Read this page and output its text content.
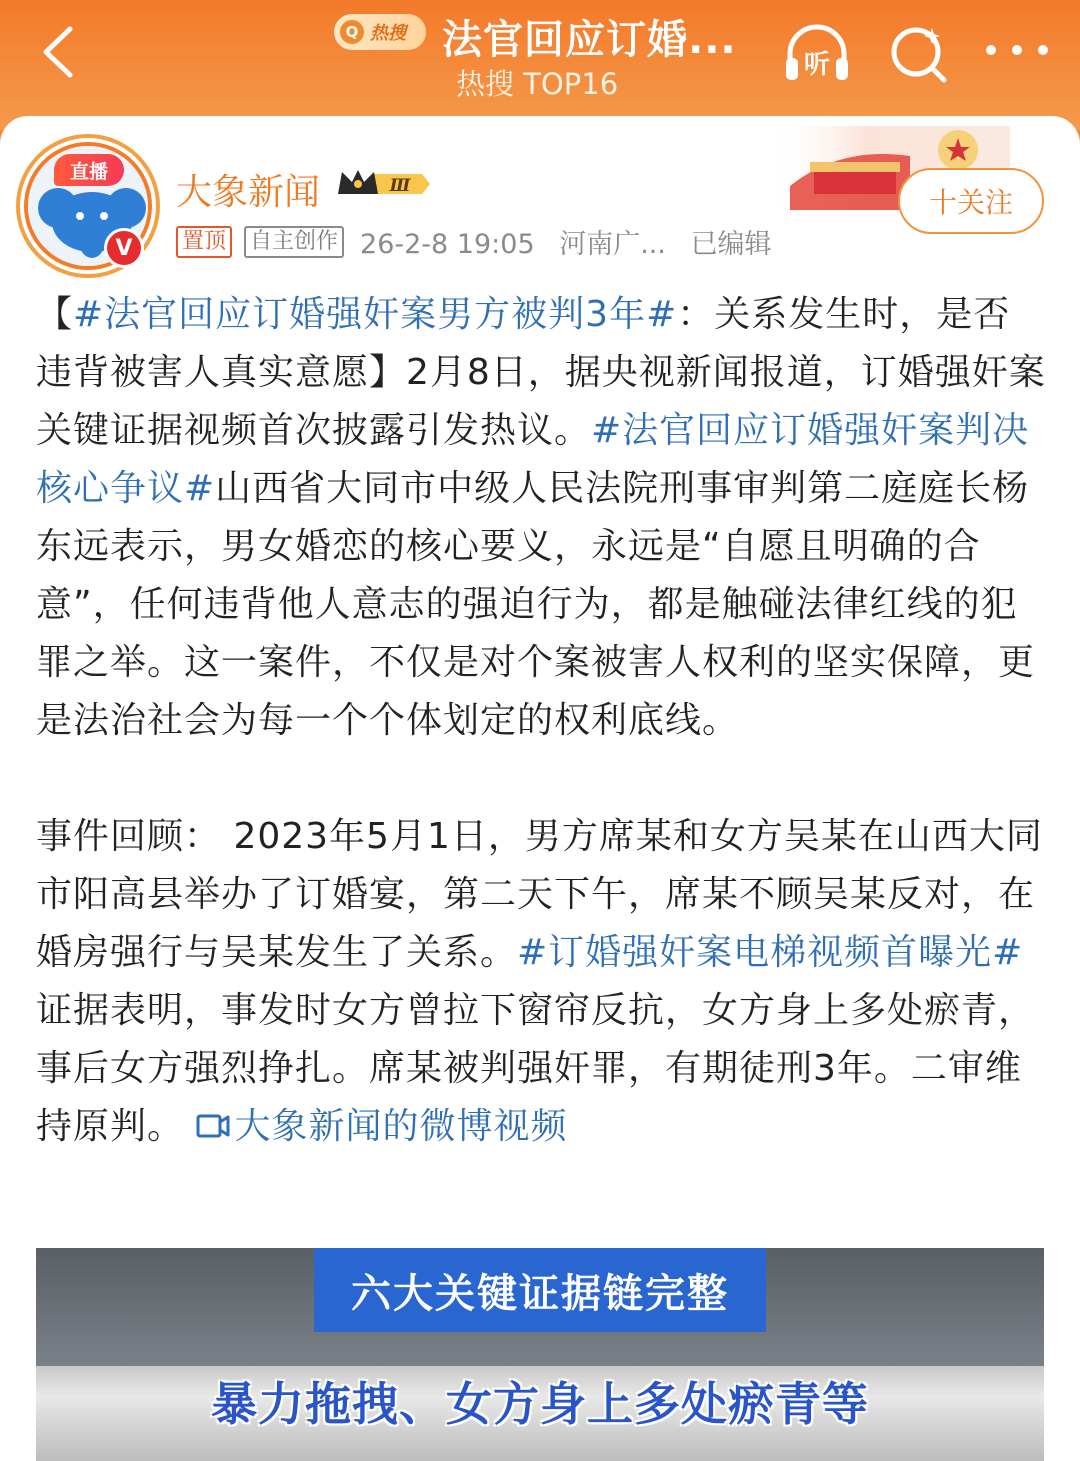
Q 热搜 法官回应订婚...
热搜 TOP16
听
直播
V
大象新闻	Ⅲ
置顶 自主创作 26-2-8 19:05 河南广... 已编辑
十关注

【#法官回应订婚强奸案男方被判3年#：关系发生时，是否违背被害人真实意愿】2月8日，据央视新闻报道，订婚强奸案关键证据视频首次披露引发热议。#法官回应订婚强奸案判决核心争议#山西省大同市中级人民法院刑事审判第二庭庭长杨东远表示，男女婚恋的核心要义，永远是“自愿且明确的合意”，任何违背他人意志的强迫行为，都是触碰法律红线的犯罪之举。这一案件，不仅是对个案被害人权利的坚实保障，更是法治社会为每一个个体划定的权利底线。

事件回顾： 2023年5月1日，男方席某和女方吴某在山西大同市阳高县举办了订婚宴，第二天下午，席某不顾吴某反对，在婚房强行与吴某发生了关系。#订婚强奸案电梯视频首曝光# 证据表明，事发时女方曾拉下窗帘反抗，女方身上多处瘀青，事后女方强烈挣扎。席某被判强奸罪，有期徒刑3年。二审维持原判。 大象新闻的微博视频

六大关键证据链完整
暴力拖拽、女方身上多处瘀青等
